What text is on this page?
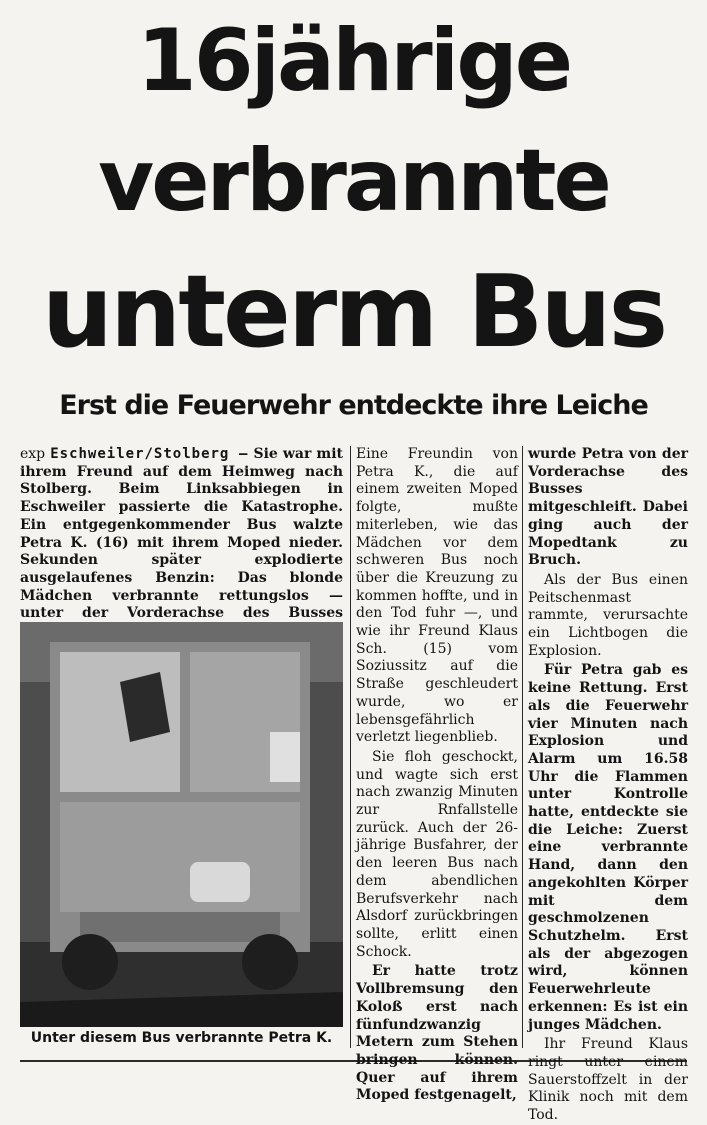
16jährige
verbrannte
unterm Bus
Erst die Feuerwehr entdeckte ihre Leiche

exp Eschweiler/Stolberg — Sie war mit ihrem Freund auf dem Heimweg nach Stolberg. Beim Linksabbiegen in Eschweiler passierte die Katastrophe. Ein entgegenkommender Bus walzte Petra K. (16) mit ihrem Moped nieder. Sekunden später explodierte ausgelaufenes Benzin: Das blonde Mädchen verbrannte rettungslos — unter der Vorderachse des Busses

Unter diesem Bus verbrannte Petra K.

Eine Freundin von Petra K., die auf einem zweiten Moped folgte, mußte miterleben, wie das Mädchen vor dem schweren Bus noch über die Kreuzung zu kommen hoffte, und in den Tod fuhr —, und wie ihr Freund Klaus Sch. (15) vom Soziussitz auf die Straße geschleudert wurde, wo er lebensgefährlich verletzt liegenblieb.

Sie floh geschockt, und wagte sich erst nach zwanzig Minuten zur Rnfallstelle zurück. Auch der 26-jährige Busfahrer, der den leeren Bus nach dem abendlichen Berufsverkehr nach Alsdorf zurückbringen sollte, erlitt einen Schock.

Er hatte trotz Vollbremsung den Koloß erst nach fünfundzwanzig Metern zum Stehen bringen können. Quer auf ihrem Moped festgenagelt,

wurde Petra von der Vorderachse des Busses mitgeschleift. Dabei ging auch der Mopedtank zu Bruch.

Als der Bus einen Peitschenmast rammte, verursachte ein Lichtbogen die Explosion.

Für Petra gab es keine Rettung. Erst als die Feuerwehr vier Minuten nach Explosion und Alarm um 16.58 Uhr die Flammen unter Kontrolle hatte, entdeckte sie die Leiche: Zuerst eine verbrannte Hand, dann den angekohlten Körper mit dem geschmolzenen Schutzhelm. Erst als der abgezogen wird, können Feuerwehrleute erkennen: Es ist ein junges Mädchen.

Ihr Freund Klaus ringt unter einem Sauerstoffzelt in der Klinik noch mit dem Tod.
